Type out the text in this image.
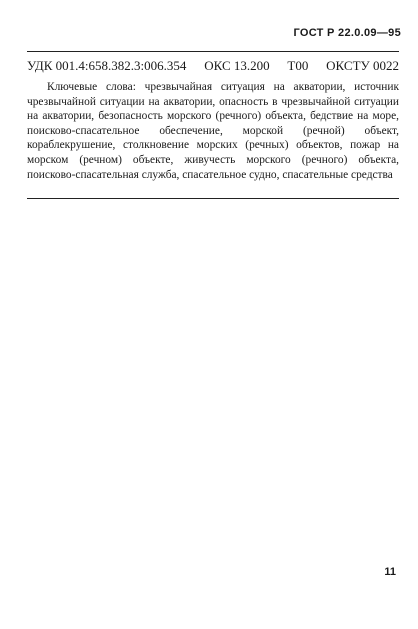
ГОСТ Р 22.0.09—95
УДК 001.4:658.382.3:006.354 ОКС 13.200 Т00 ОКСТУ 0022

Ключевые слова: чрезвычайная ситуация на акватории, источник чрезвычайной ситуации на акватории, опасность в чрезвычайной ситуации на акватории, безопасность морского (речного) объекта, бедствие на море, поисково-спасательное обеспечение, морской (речной) объект, кораблекрушение, столкновение морских (речных) объектов, пожар на морском (речном) объекте, живучесть морского (речного) объекта, поисково-спасательная служба, спасательное судно, спасательные средства

11
